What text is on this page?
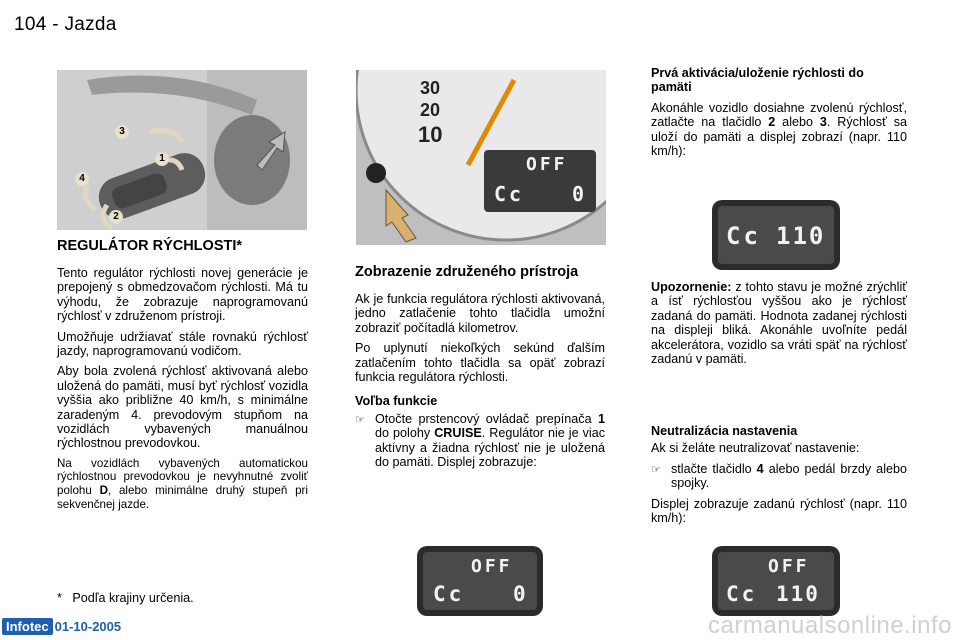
104 - Jazda
3
1
4
2
REGULÁTOR RÝCHLOSTI*

Tento regulátor rýchlosti novej generácie je prepojený s obmedzovačom rýchlosti. Má tu výhodu, že zobrazuje naprogramovanú rýchlosť v združenom prístroji.

Umožňuje udržiavať stále rovnakú rýchlosť jazdy, naprogramovanú vodičom.

Aby bola zvolená rýchlosť aktivovaná alebo uložená do pamäti, musí byť rýchlosť vozidla vyššia ako približne 40 km/h, s minimálne zaradeným 4. prevodovým stupňom na vozidlách vybavených manuálnou rýchlostnou prevodovkou.

Na vozidlách vybavených automatickou rýchlostnou prevodovkou je nevyhnutné zvoliť polohu D, alebo minimálne druhý stupeň pri sekvenčnej jazde.

* Podľa krajiny určenia.
30
20
10
OFF
Cc 0
Zobrazenie združeného prístroja

Ak je funkcia regulátora rýchlosti aktivovaná, jedno zatlačenie tohto tlačidla umožní zobraziť počítadlá kilometrov.

Po uplynutí niekoľkých sekúnd ďalším zatlačením tohto tlačidla sa opäť zobrazí funkcia regulátora rýchlosti.

Voľba funkcie
☞ Otočte prstencový ovládač prepínača 1 do polohy CRUISE. Regulátor nie je viac aktívny a žiadna rýchlosť nie je uložená do pamäti. Displej zobrazuje:
OFF
Cc 0
Prvá aktivácia/uloženie rýchlosti do pamäti

Akonáhle vozidlo dosiahne zvolenú rýchlosť, zatlačte na tlačidlo 2 alebo 3. Rýchlosť sa uloží do pamäti a displej zobrazí (napr. 110 km/h):

Cc 110

Upozornenie: z tohto stavu je možné zrýchliť a ísť rýchlosťou vyššou ako je rýchlosť zadaná do pamäti. Hodnota zadanej rýchlosti na displeji bliká. Akonáhle uvoľníte pedál akcelerátora, vozidlo sa vráti späť na rýchlosť zadanú v pamäti.

Neutralizácia nastavenia

Ak si želáte neutralizovať nastavenie:

☞ stlačte tlačidlo 4 alebo pedál brzdy alebo spojky.

Displej zobrazuje zadanú rýchlosť (napr. 110 km/h):

OFF
Cc 110
Infotec 01-10-2005	carmanualsonline.info
